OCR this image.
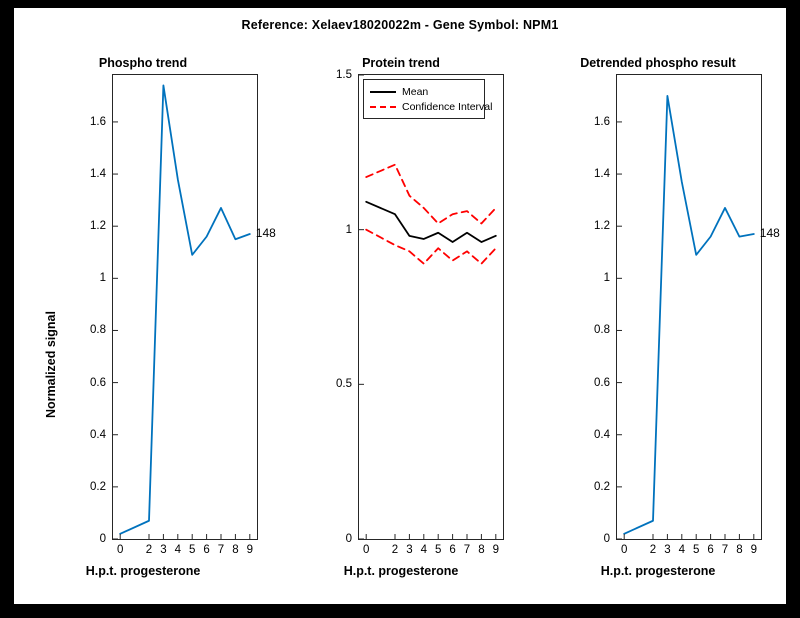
Reference: Xelaev18020022m - Gene Symbol: NPM1
Phospho trend
0
0.2
0.4
0.6
0.8
1
1.2
1.4
1.6
0 2 3 4 5 6 7 8 9
H.p.t. progesterone
Normalized signal
148
Protein trend
Mean
Confidence Interval
0
0.5
1
1.5
0 2 3 4 5 6 7 8 9
H.p.t. progesterone
Detrended phospho result
0
0.2
0.4
0.6
0.8
1
1.2
1.4
1.6
0 2 3 4 5 6 7 8 9
H.p.t. progesterone
148
